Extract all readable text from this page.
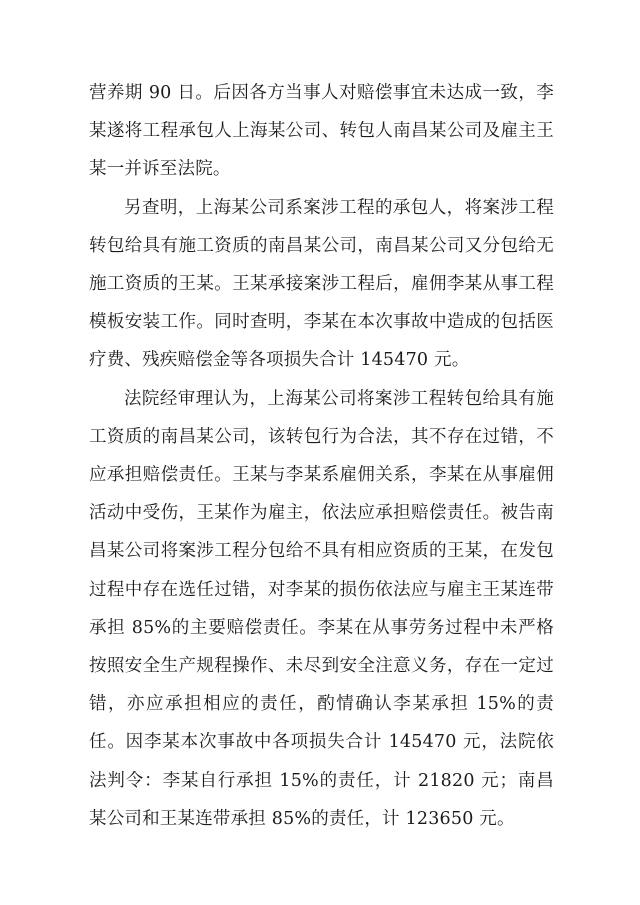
营养期 90 日。后因各方当事人对赔偿事宜未达成一致，李某遂将工程承包人上海某公司、转包人南昌某公司及雇主王某一并诉至法院。

另查明，上海某公司系案涉工程的承包人，将案涉工程转包给具有施工资质的南昌某公司，南昌某公司又分包给无施工资质的王某。王某承接案涉工程后，雇佣李某从事工程模板安装工作。同时查明，李某在本次事故中造成的包括医疗费、残疾赔偿金等各项损失合计 145470 元。

法院经审理认为，上海某公司将案涉工程转包给具有施工资质的南昌某公司，该转包行为合法，其不存在过错，不应承担赔偿责任。王某与李某系雇佣关系，李某在从事雇佣活动中受伤，王某作为雇主，依法应承担赔偿责任。被告南昌某公司将案涉工程分包给不具有相应资质的王某，在发包过程中存在选任过错，对李某的损伤依法应与雇主王某连带承担 85%的主要赔偿责任。李某在从事劳务过程中未严格按照安全生产规程操作、未尽到安全注意义务，存在一定过错，亦应承担相应的责任，酌情确认李某承担 15%的责任。因李某本次事故中各项损失合计 145470 元，法院依法判令：李某自行承担 15%的责任，计 21820 元；南昌某公司和王某连带承担 85%的责任，计 123650 元。
